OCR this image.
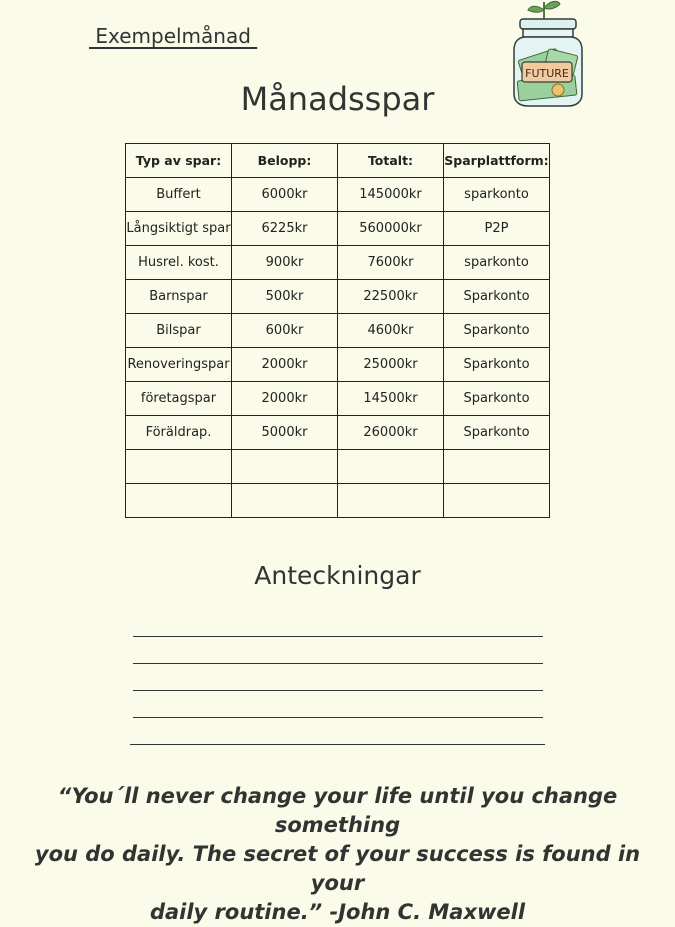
Exempelmånad
FUTURE
Månadsspar
Typ av spar:	Belopp:	Totalt:	Sparplattform:
Buffert	6000kr	145000kr	sparkonto
Långsiktigt spar	6225kr	560000kr	P2P
Husrel. kost.	900kr	7600kr	sparkonto
Barnspar	500kr	22500kr	Sparkonto
Bilspar	600kr	4600kr	Sparkonto
Renoveringspar	2000kr	25000kr	Sparkonto
företagspar	2000kr	14500kr	Sparkonto
Föräldrap.	5000kr	26000kr	Sparkonto

Anteckningar
“You´ll never change your life until you change something
you do daily. The secret of your success is found in your
daily routine.” -John C. Maxwell
